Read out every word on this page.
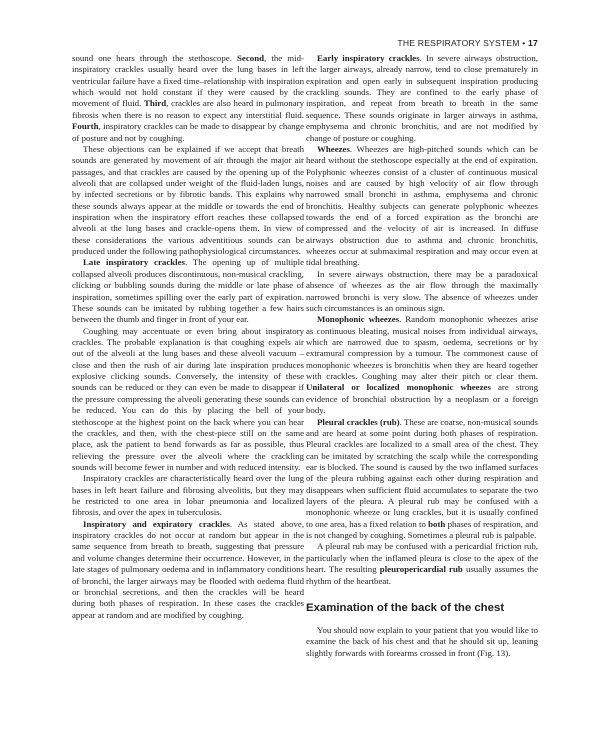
THE RESPIRATORY SYSTEM • 17

sound one hears through the stethoscope. Second, the mid-inspiratory crackles usually heard over the lung bases in left ventricular failure have a fixed time–relationship with inspiration which would not hold constant if they were caused by the movement of fluid. Third, crackles are also heard in pulmonary fibrosis when there is no reason to expect any interstitial fluid. Fourth, inspiratory crackles can be made to disappear by change of posture and not by coughing.

These objections can be explained if we accept that breath sounds are generated by movement of air through the major air passages, and that crackles are caused by the opening up of the alveoli that are collapsed under weight of the fluid-laden lungs, by infected secretions or by fibrotic bands. This explains why these sounds always appear at the middle or towards the end of inspiration when the inspiratory effort reaches these collapsed alveoli at the lung bases and crackle-opens them. In view of these considerations the various adventitious sounds can be produced under the following pathophysiological circumstances.

Late inspiratory crackles. The opening up of multiple collapsed alveoli produces discontinuous, non-musical crackling, clicking or bubbling sounds during the middle or late phase of inspiration, sometimes spilling over the early part of expiration. These sounds can be imitated by rubbing together a few hairs between the thumb and finger in front of your ear.

Coughing may accentuate or even bring about inspiratory crackles. The probable explanation is that coughing expels air out of the alveoli at the lung bases and these alveoli vacuum – close and then the rush of air during late inspiration produces explosive clicking sounds. Conversely, the intensity of these sounds can be reduced or they can even be made to disappear if the pressure compressing the alveoli generating these sounds can be reduced. You can do this by placing the bell of your stethoscope at the highest point on the back where you can hear the crackles, and then, with the chest-piece still on the same place, ask the patient to bend forwards as far as possible, thus relieving the pressure over the alveoli where the crackling sounds will become fewer in number and with reduced intensity.

Inspiratory crackles are characteristically heard over the lung bases in left heart failure and fibrosing alveolitis, but they may be restricted to one area in lobar pneumonia and localized fibrosis, and over the apex in tuberculosis.

Inspiratory and expiratory crackles. As stated above, inspiratory crackles do not occur at random but appear in the same sequence from breath to breath, suggesting that pressure and volume changes determine their occurrence. However, in the late stages of pulmonary oedema and in inflammatory conditions of bronchi, the larger airways may be flooded with oedema fluid or bronchial secretions, and then the crackles will be heard during both phases of respiration. In these cases the crackles appear at random and are modified by coughing.

Early inspiratory crackles. In severe airways obstruction, the larger airways, already narrow, tend to close prematurely in expiration and open early in subsequent inspiration producing crackling sounds. They are confined to the early phase of inspiration, and repeat from breath to breath in the same sequence. These sounds originate in larger airways in asthma, emphysema and chronic bronchitis, and are not modified by change of posture or coughing.

Wheezes. Wheezes are high-pitched sounds which can be heard without the stethoscope especially at the end of expiration. Polyphonic wheezes consist of a cluster of continuous musical noises and are caused by high velocity of air flow through narrowed small bronchi in asthma, emphysema and chronic bronchitis. Healthy subjects can generate polyphonic wheezes towards the end of a forced expiration as the bronchi are compressed and the velocity of air is increased. In diffuse airways obstruction due to asthma and chronic bronchitis, wheezes occur at submaximal respiration and may occur even at tidal breathing.

In severe airways obstruction, there may be a paradoxical absence of wheezes as the air flow through the maximally narrowed bronchi is very slow. The absence of wheezes under such circumstances is an ominous sign.

Monophonic wheezes. Random monophonic wheezes arise as continuous bleating, musical noises from individual airways, which are narrowed due to spasm, oedema, secretions or by extramural compression by a tumour. The commonest cause of monophonic wheezes is bronchitis when they are heard together with crackles. Coughing may alter their pitch or clear them. Unilateral or localized monophonic wheezes are strong evidence of bronchial obstruction by a neoplasm or a foreign body.

Pleural crackles (rub). These are coarse, non-musical sounds and are heard at some point during both phases of respiration. Pleural crackles are localized to a small area of the chest. They can be imitated by scratching the scalp while the corresponding ear is blocked. The sound is caused by the two inflamed surfaces of the pleura rubbing against each other during respiration and disappears when sufficient fluid accumulates to separate the two layers of the pleura. A pleural rub may be confused with a monophonic wheeze or lung crackles, but it is usually confined to one area, has a fixed relation to both phases of respiration, and is not changed by coughing. Sometimes a pleural rub is palpable.

A pleural rub may be confused with a pericardial friction rub, particularly when the inflamed pleura is close to the apex of the heart. The resulting pleuropericardial rub usually assumes the rhythm of the heartbeat.

Examination of the back of the chest

You should now explain to your patient that you would like to examine the back of his chest and that he should sit up, leaning slightly forwards with forearms crossed in front (Fig. 13).
